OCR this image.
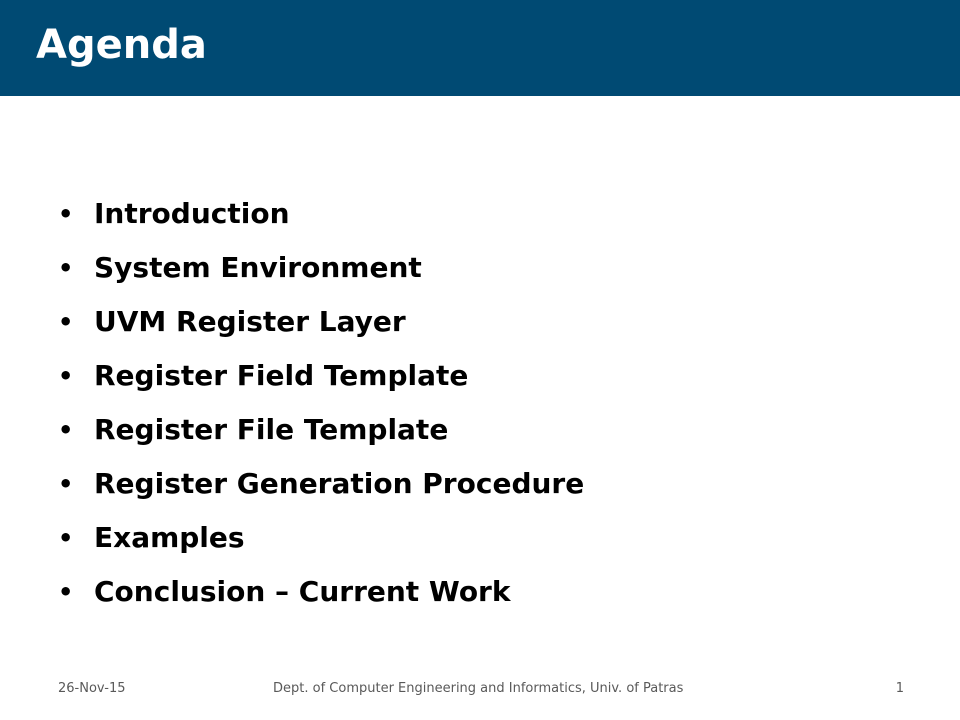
Agenda
• Introduction
• System Environment
• UVM Register Layer
• Register Field Template
• Register File Template
• Register Generation Procedure
• Examples
• Conclusion – Current Work
26-Nov-15	Dept. of Computer Engineering and Informatics, Univ. of Patras	1
